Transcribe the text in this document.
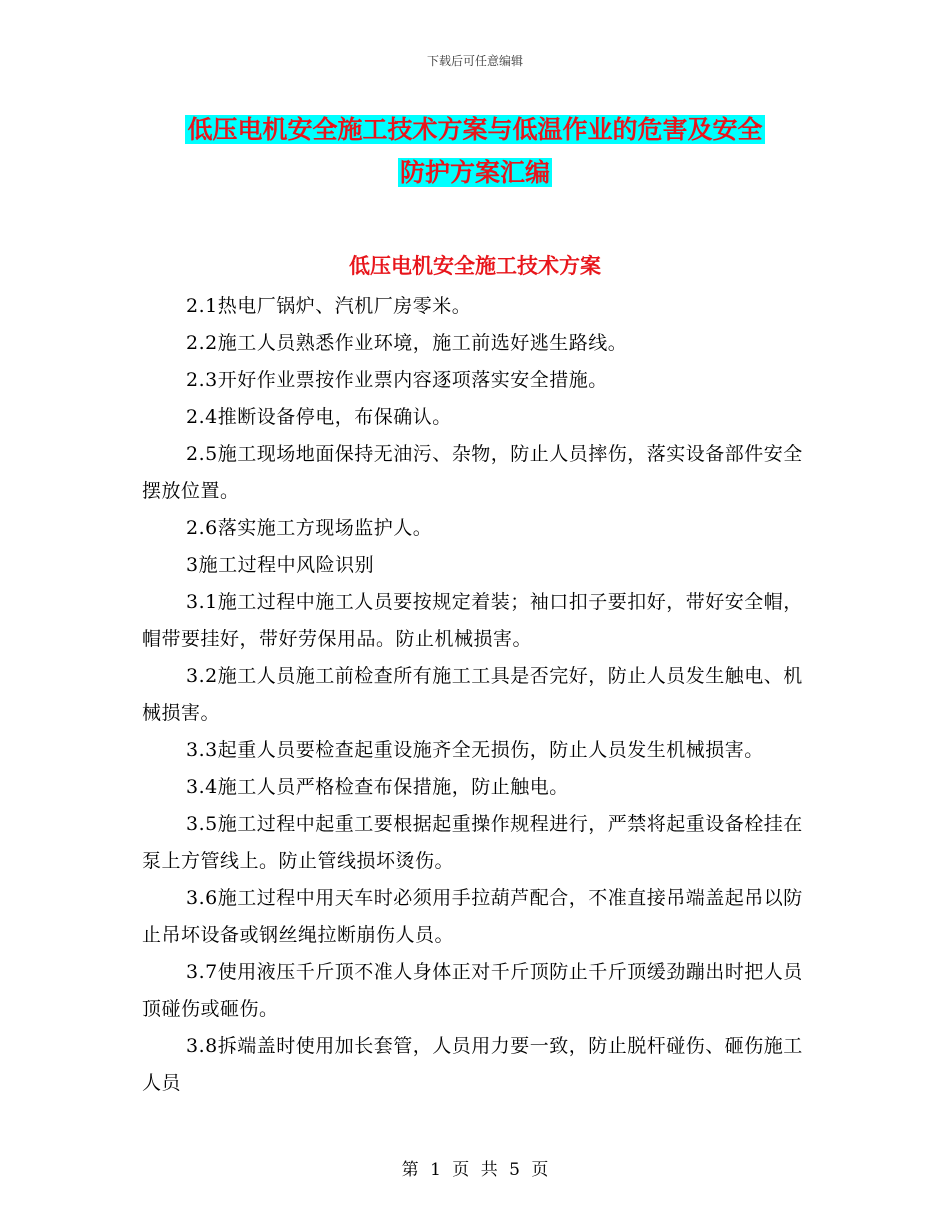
下载后可任意编辑
低压电机安全施工技术方案与低温作业的危害及安全
防护方案汇编
低压电机安全施工技术方案

2.1热电厂锅炉、汽机厂房零米。

2.2施工人员熟悉作业环境，施工前选好逃生路线。

2.3开好作业票按作业票内容逐项落实安全措施。

2.4推断设备停电，布保确认。

2.5施工现场地面保持无油污、杂物，防止人员摔伤，落实设备部件安全摆放位置。

2.6落实施工方现场监护人。

3施工过程中风险识别

3.1施工过程中施工人员要按规定着装；袖口扣子要扣好，带好安全帽，帽带要挂好，带好劳保用品。防止机械损害。

3.2施工人员施工前检查所有施工工具是否完好，防止人员发生触电、机械损害。

3.3起重人员要检查起重设施齐全无损伤，防止人员发生机械损害。

3.4施工人员严格检查布保措施，防止触电。

3.5施工过程中起重工要根据起重操作规程进行，严禁将起重设备栓挂在泵上方管线上。防止管线损坏烫伤。

3.6施工过程中用天车时必须用手拉葫芦配合，不准直接吊端盖起吊以防止吊坏设备或钢丝绳拉断崩伤人员。

3.7使用液压千斤顶不准人身体正对千斤顶防止千斤顶缓劲蹦出时把人员顶碰伤或砸伤。

3.8拆端盖时使用加长套管，人员用力要一致，防止脱杆碰伤、砸伤施工人员

第 1 页 共 5 页
